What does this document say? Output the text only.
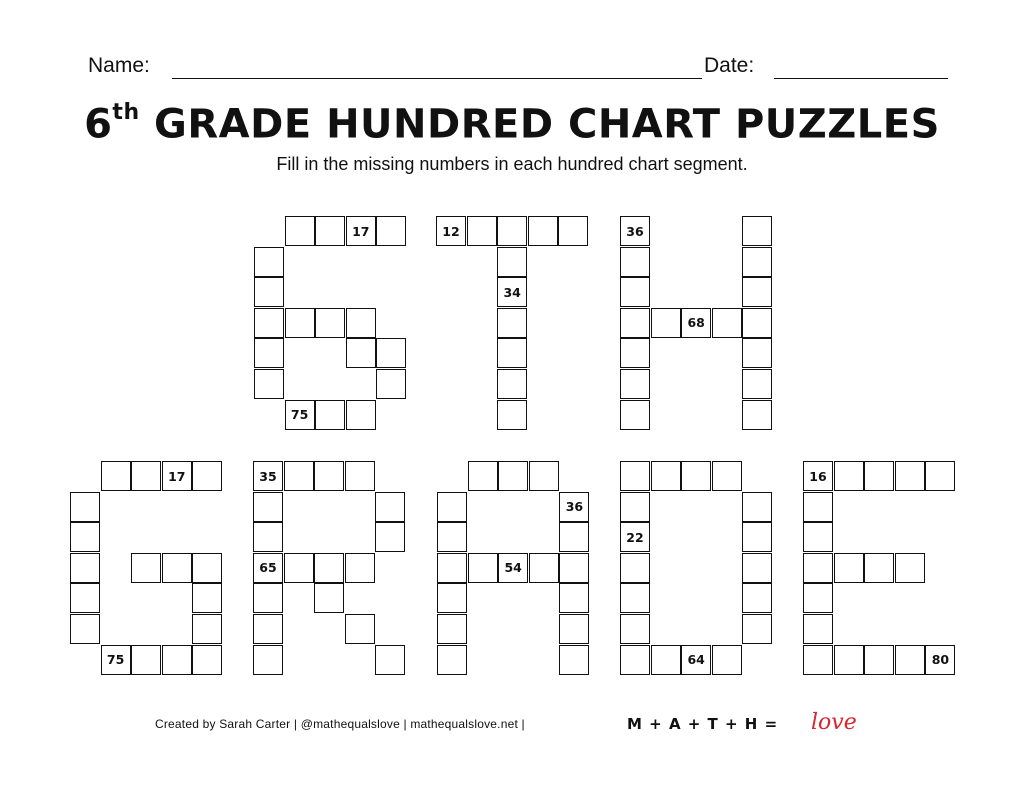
Name:	Date:
6th GRADE HUNDRED CHART PUZZLES
Fill in the missing numbers in each hundred chart segment.
17
75
12
34
36
68
17
75
35
65
36
54
22
64
16
80
Created by Sarah Carter | @mathequalslove | mathequalslove.net |	M + A + T + H = love
